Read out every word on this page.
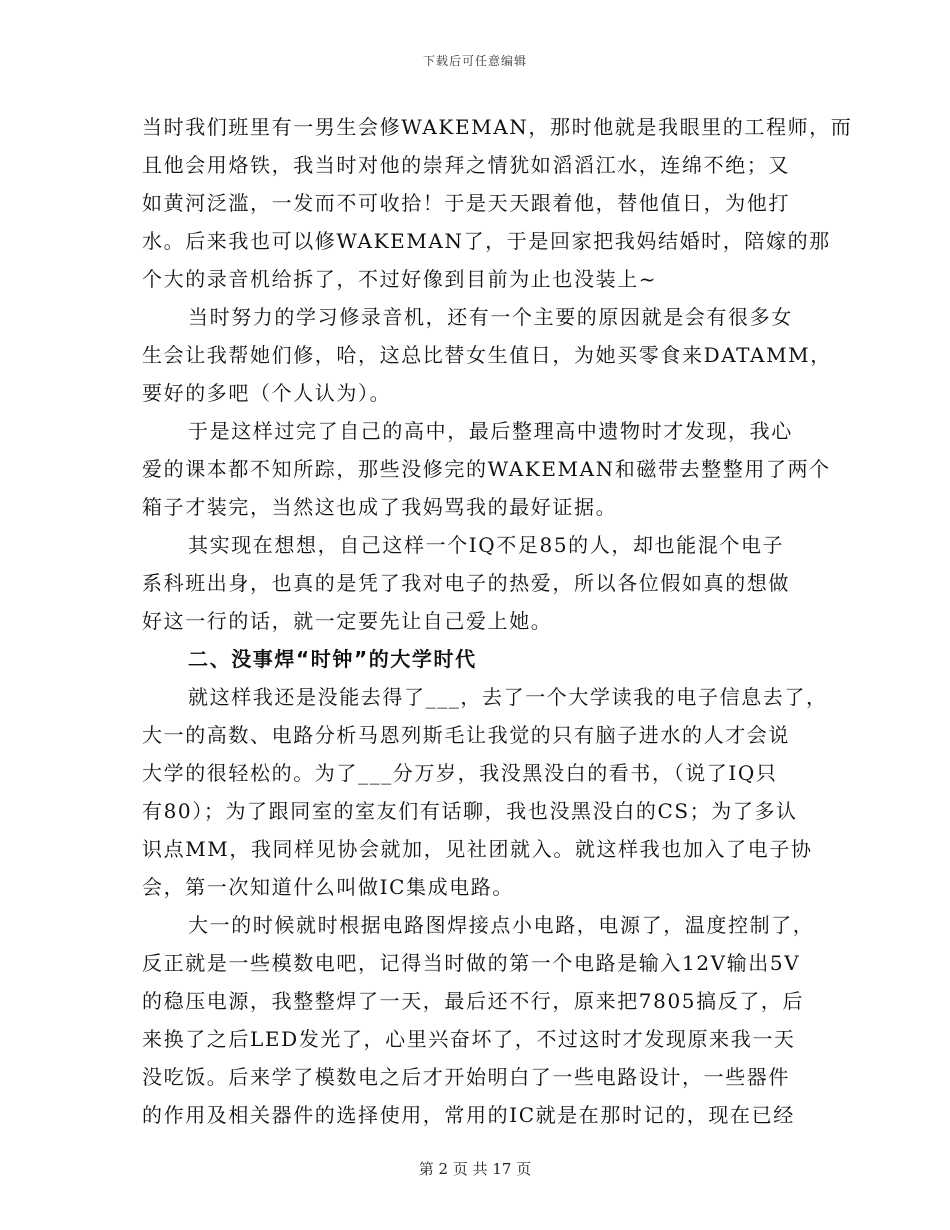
下载后可任意编辑
当时我们班里有一男生会修WAKEMAN，那时他就是我眼里的工程师，而
且他会用烙铁，我当时对他的崇拜之情犹如滔滔江水，连绵不绝；又
如黄河泛滥，一发而不可收拾！于是天天跟着他，替他值日，为他打
水。后来我也可以修WAKEMAN了，于是回家把我妈结婚时，陪嫁的那
个大的录音机给拆了，不过好像到目前为止也没装上~
当时努力的学习修录音机，还有一个主要的原因就是会有很多女
生会让我帮她们修，哈，这总比替女生值日，为她买零食来DATAMM，
要好的多吧（个人认为）。
于是这样过完了自己的高中，最后整理高中遗物时才发现，我心
爱的课本都不知所踪，那些没修完的WAKEMAN和磁带去整整用了两个
箱子才装完，当然这也成了我妈骂我的最好证据。
其实现在想想，自己这样一个IQ不足85的人，却也能混个电子
系科班出身，也真的是凭了我对电子的热爱，所以各位假如真的想做
好这一行的话，就一定要先让自己爱上她。
二、没事焊“时钟”的大学时代
就这样我还是没能去得了___，去了一个大学读我的电子信息去了，
大一的高数、电路分析马恩列斯毛让我觉的只有脑子进水的人才会说
大学的很轻松的。为了___分万岁，我没黑没白的看书，（说了IQ只
有80）；为了跟同室的室友们有话聊，我也没黑没白的CS；为了多认
识点MM，我同样见协会就加，见社团就入。就这样我也加入了电子协
会，第一次知道什么叫做IC集成电路。
大一的时候就时根据电路图焊接点小电路，电源了，温度控制了，
反正就是一些模数电吧，记得当时做的第一个电路是输入12V输出5V
的稳压电源，我整整焊了一天，最后还不行，原来把7805搞反了，后
来换了之后LED发光了，心里兴奋坏了，不过这时才发现原来我一天
没吃饭。后来学了模数电之后才开始明白了一些电路设计，一些器件
的作用及相关器件的选择使用，常用的IC就是在那时记的，现在已经
第 2 页 共 17 页
